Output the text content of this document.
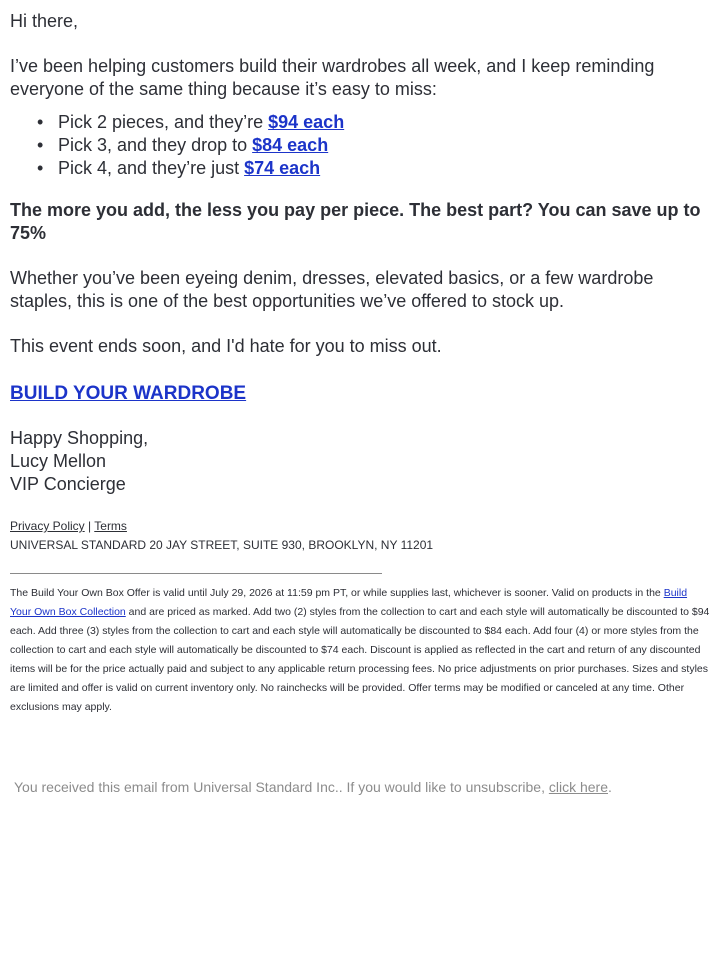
Hi there,

I’ve been helping customers build their wardrobes all week, and I keep reminding everyone of the same thing because it’s easy to miss:

• Pick 2 pieces, and they’re $94 each
• Pick 3, and they drop to $84 each
• Pick 4, and they’re just $74 each

The more you add, the less you pay per piece. The best part? You can save up to 75%

Whether you’ve been eyeing denim, dresses, elevated basics, or a few wardrobe staples, this is one of the best opportunities we’ve offered to stock up.

This event ends soon, and I'd hate for you to miss out.

BUILD YOUR WARDROBE
Happy Shopping,
Lucy Mellon
VIP Concierge
Privacy Policy | Terms
UNIVERSAL STANDARD 20 JAY STREET, SUITE 930, BROOKLYN, NY 11201
The Build Your Own Box Offer is valid until July 29, 2026 at 11:59 pm PT, or while supplies last, whichever is sooner. Valid on products in the Build Your Own Box Collection and are priced as marked. Add two (2) styles from the collection to cart and each style will automatically be discounted to $94 each. Add three (3) styles from the collection to cart and each style will automatically be discounted to $84 each. Add four (4) or more styles from the collection to cart and each style will automatically be discounted to $74 each. Discount is applied as reflected in the cart and return of any discounted items will be for the price actually paid and subject to any applicable return processing fees. No price adjustments on prior purchases. Sizes and styles are limited and offer is valid on current inventory only. No rainchecks will be provided. Offer terms may be modified or canceled at any time. Other exclusions may apply.
You received this email from Universal Standard Inc.. If you would like to unsubscribe, click here.
